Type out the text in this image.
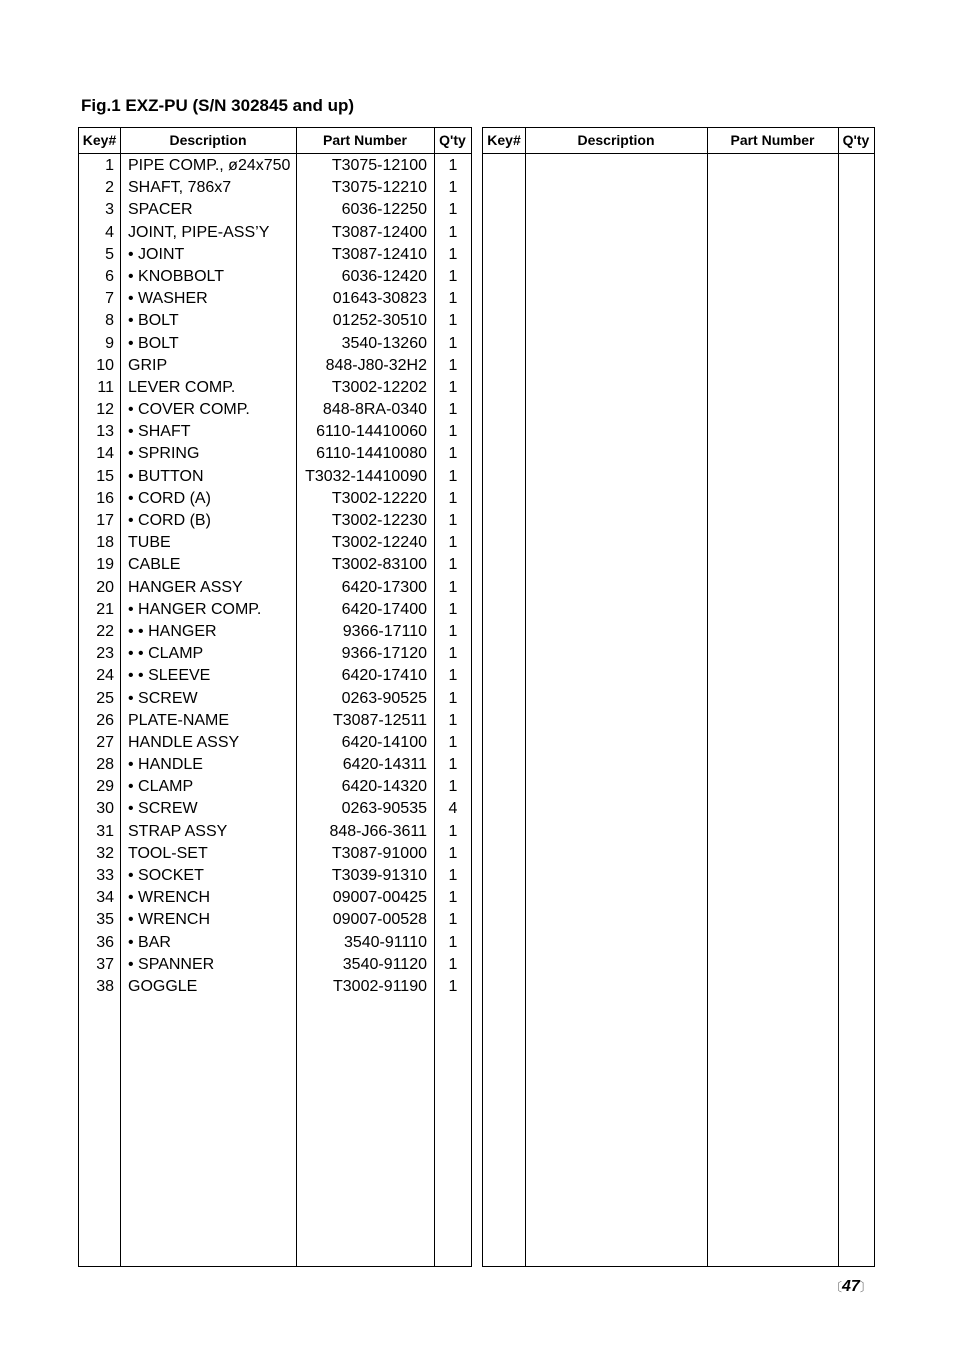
Fig.1 EXZ-PU (S/N 302845 and up)
Key#	Description	Part Number	Q'ty
1 PIPE COMP., ø24x750	T3075-12100	1
2 SHAFT, 786x7	T3075-12210	1
3 SPACER	6036-12250	1
4 JOINT, PIPE-ASS’Y	T3087-12400	1
5 • JOINT	T3087-12410	1
6 • KNOBBOLT	6036-12420	1
7 • WASHER	01643-30823	1
8 • BOLT	01252-30510	1
9 • BOLT	3540-13260	1
10 GRIP	848-J80-32H2	1
11 LEVER COMP.	T3002-12202	1
12 • COVER COMP.	848-8RA-0340	1
13 • SHAFT	6110-14410060	1
14 • SPRING	6110-14410080	1
15 • BUTTON	T3032-14410090	1
16 • CORD (A)	T3002-12220	1
17 • CORD (B)	T3002-12230	1
18 TUBE	T3002-12240	1
19 CABLE	T3002-83100	1
20 HANGER ASSY	6420-17300	1
21 • HANGER COMP.	6420-17400	1
22 • • HANGER	9366-17110	1
23 • • CLAMP	9366-17120	1
24 • • SLEEVE	6420-17410	1
25 • SCREW	0263-90525	1
26 PLATE-NAME	T3087-12511	1
27 HANDLE ASSY	6420-14100	1
28 • HANDLE	6420-14311	1
29 • CLAMP	6420-14320	1
30 • SCREW	0263-90535	4
31 STRAP ASSY	848-J66-3611	1
32 TOOL-SET	T3087-91000	1
33 • SOCKET	T3039-91310	1
34 • WRENCH	09007-00425	1
35 • WRENCH	09007-00528	1
36 • BAR	3540-91110	1
37 • SPANNER	3540-91120	1
38 GOGGLE	T3002-91190	1
Key#	Description	Part Number	Q'ty
〔47〕
